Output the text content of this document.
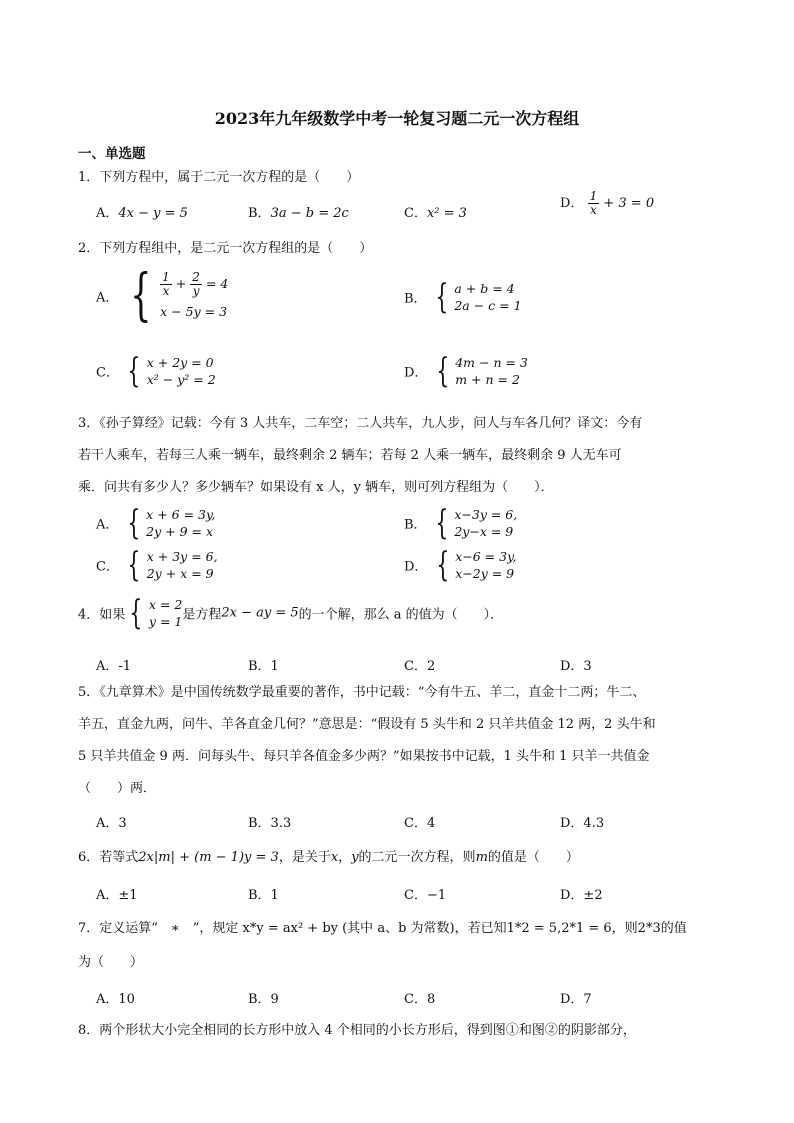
2023年九年级数学中考一轮复习题二元一次方程组
一、单选题
1．下列方程中，属于二元一次方程的是（　　）
A．4x − y = 5	B．3a − b = 2c	C．x² = 3
D． $\frac{1}{x} + 3 = 0$
2．下列方程组中，是二元一次方程组的是（　　）
A． { $\frac{1}{x} + \frac{2}{y} = 4$
x − 5y = 3
B． { a + b = 4
2a − c = 1
C． { x + 2y = 0
x² − y² = 2	D． { 4m − n = 3
m + n = 2
3．《孙子算经》记载：今有 3 人共车，二车空；二人共车，九人步，问人与车各几何？译文：今有
若干人乘车，若每三人乘一辆车，最终剩余 2 辆车；若每 2 人乘一辆车，最终剩余 9 人无车可
乘．问共有多少人？多少辆车？如果设有 x 人，y 辆车，则可列方程组为（　　）．
A． { x + 6 = 3y,
2y + 9 = x	B． { x−3y = 6,
2y−x = 9
C． { x + 3y = 6,
2y + x = 9	D． { x−6 = 3y,
x−2y = 9
4．如果 { x = 2
y = 1 是方程2x − ay = 5的一个解，那么 a 的值为（　　）．
A．-1	B．1	C．2	D．3
5．《九章算术》是中国传统数学最重要的著作，书中记载：“今有牛五、羊二，直金十二两；牛二、
羊五，直金九两，问牛、羊各直金几何？”意思是：“假设有 5 头牛和 2 只羊共值金 12 两，2 头牛和
5 只羊共值金 9 两．问每头牛、每只羊各值金多少两？”如果按书中记载，1 头牛和 1 只羊一共值金
（　　）两．
A．3	B．3.3	C．4	D．4.3
6．若等式2x|m| + (m − 1)y = 3，是关于x，y的二元一次方程，则m的值是（　　）
A．±1	B．1	C．−1	D．±2
7．定义运算“　∗　”，规定 x*y = ax² + by (其中 a、b 为常数)，若已知1*2 = 5,2*1 = 6，则2*3的值
为（　　）
A．10	B．9	C．8	D．7
8．两个形状大小完全相同的长方形中放入 4 个相同的小长方形后，得到图①和图②的阴影部分，
